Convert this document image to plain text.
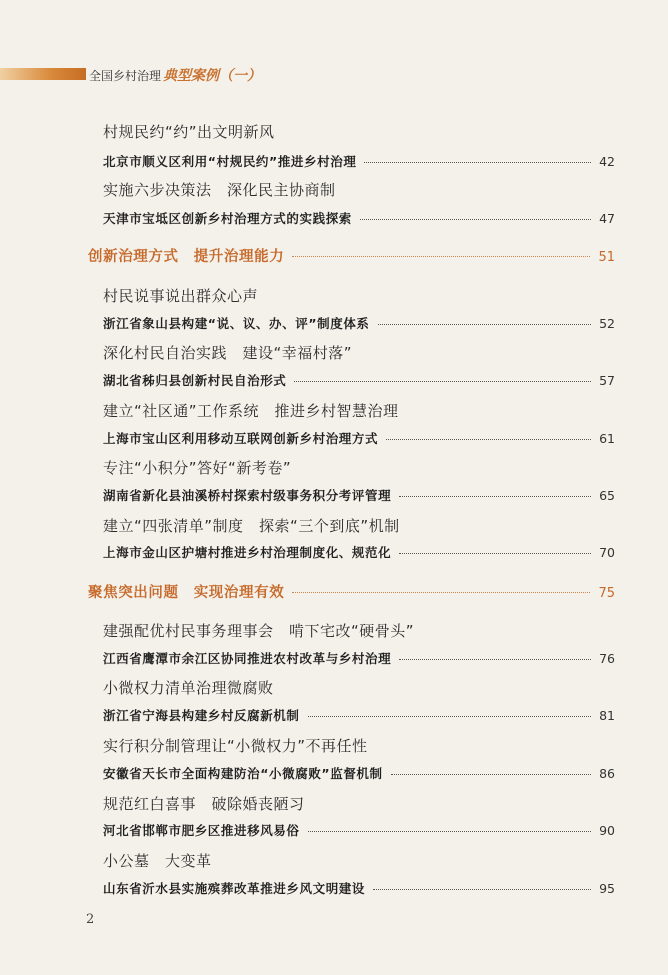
全国乡村治理 典型案例（一）
村规民约“约”出文明新风
北京市顺义区利用“村规民约”推进乡村治理	42
实施六步决策法　深化民主协商制
天津市宝坻区创新乡村治理方式的实践探索	47
创新治理方式　提升治理能力	51
村民说事说出群众心声
浙江省象山县构建“说、议、办、评”制度体系	52
深化村民自治实践　建设“幸福村落”
湖北省秭归县创新村民自治形式	57
建立“社区通”工作系统　推进乡村智慧治理
上海市宝山区利用移动互联网创新乡村治理方式	61
专注“小积分”答好“新考卷”
湖南省新化县油溪桥村探索村级事务积分考评管理	65
建立“四张清单”制度　探索“三个到底”机制
上海市金山区护塘村推进乡村治理制度化、规范化	70
聚焦突出问题　实现治理有效	75
建强配优村民事务理事会　啃下宅改“硬骨头”
江西省鹰潭市余江区协同推进农村改革与乡村治理	76
小微权力清单治理微腐败
浙江省宁海县构建乡村反腐新机制	81
实行积分制管理让“小微权力”不再任性
安徽省天长市全面构建防治“小微腐败”监督机制	86
规范红白喜事　破除婚丧陋习
河北省邯郸市肥乡区推进移风易俗	90
小公墓　大变革
山东省沂水县实施殡葬改革推进乡风文明建设	95
2
